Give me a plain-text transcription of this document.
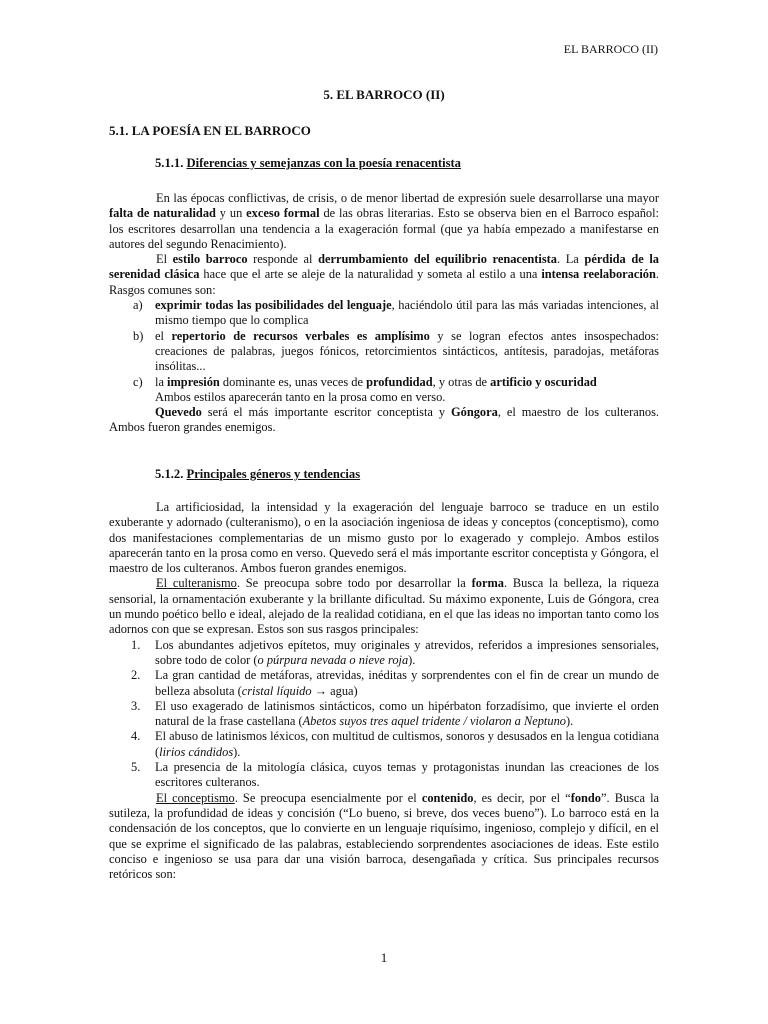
EL BARROCO (II)
5. EL BARROCO (II)
5.1. LA POESÍA EN EL BARROCO
5.1.1. Diferencias y semejanzas con la poesía renacentista

En las épocas conflictivas, de crisis, o de menor libertad de expresión suele desarrollarse una mayor falta de naturalidad y un exceso formal de las obras literarias. Esto se observa bien en el Barroco español: los escritores desarrollan una tendencia a la exageración formal (que ya había empezado a manifestarse en autores del segundo Renacimiento).

El estilo barroco responde al derrumbamiento del equilibrio renacentista. La pérdida de la serenidad clásica hace que el arte se aleje de la naturalidad y someta al estilo a una intensa reelaboración. Rasgos comunes son:

a) exprimir todas las posibilidades del lenguaje, haciéndolo útil para las más variadas intenciones, al mismo tiempo que lo complica

b) el repertorio de recursos verbales es amplísimo y se logran efectos antes insospechados: creaciones de palabras, juegos fónicos, retorcimientos sintácticos, antítesis, paradojas, metáforas insólitas...

c) la impresión dominante es, unas veces de profundidad, y otras de artificio y oscuridad

Ambos estilos aparecerán tanto en la prosa como en verso.

Quevedo será el más importante escritor conceptista y Góngora, el maestro de los culteranos. Ambos fueron grandes enemigos.

5.1.2. Principales géneros y tendencias

La artificiosidad, la intensidad y la exageración del lenguaje barroco se traduce en un estilo exuberante y adornado (culteranismo), o en la asociación ingeniosa de ideas y conceptos (conceptismo), como dos manifestaciones complementarias de un mismo gusto por lo exagerado y complejo. Ambos estilos aparecerán tanto en la prosa como en verso. Quevedo será el más importante escritor conceptista y Góngora, el maestro de los culteranos. Ambos fueron grandes enemigos.

El culteranismo. Se preocupa sobre todo por desarrollar la forma. Busca la belleza, la riqueza sensorial, la ornamentación exuberante y la brillante dificultad. Su máximo exponente, Luis de Góngora, crea un mundo poético bello e ideal, alejado de la realidad cotidiana, en el que las ideas no importan tanto como los adornos con que se expresan. Estos son sus rasgos principales:

1. Los abundantes adjetivos epítetos, muy originales y atrevidos, referidos a impresiones sensoriales, sobre todo de color (o púrpura nevada o nieve roja).

2. La gran cantidad de metáforas, atrevidas, inéditas y sorprendentes con el fin de crear un mundo de belleza absoluta (cristal líquido → agua)

3. El uso exagerado de latinismos sintácticos, como un hipérbaton forzadísimo, que invierte el orden natural de la frase castellana (Abetos suyos tres aquel tridente / violaron a Neptuno).

4. El abuso de latinismos léxicos, con multitud de cultismos, sonoros y desusados en la lengua cotidiana (lirios cándidos).

5. La presencia de la mitología clásica, cuyos temas y protagonistas inundan las creaciones de los escritores culteranos.

El conceptismo. Se preocupa esencialmente por el contenido, es decir, por el “fondo”. Busca la sutileza, la profundidad de ideas y concisión (“Lo bueno, si breve, dos veces bueno”). Lo barroco está en la condensación de los conceptos, que lo convierte en un lenguaje riquísimo, ingenioso, complejo y difícil, en el que se exprime el significado de las palabras, estableciendo sorprendentes asociaciones de ideas. Este estilo conciso e ingenioso se usa para dar una visión barroca, desengañada y crítica. Sus principales recursos retóricos son:

1
